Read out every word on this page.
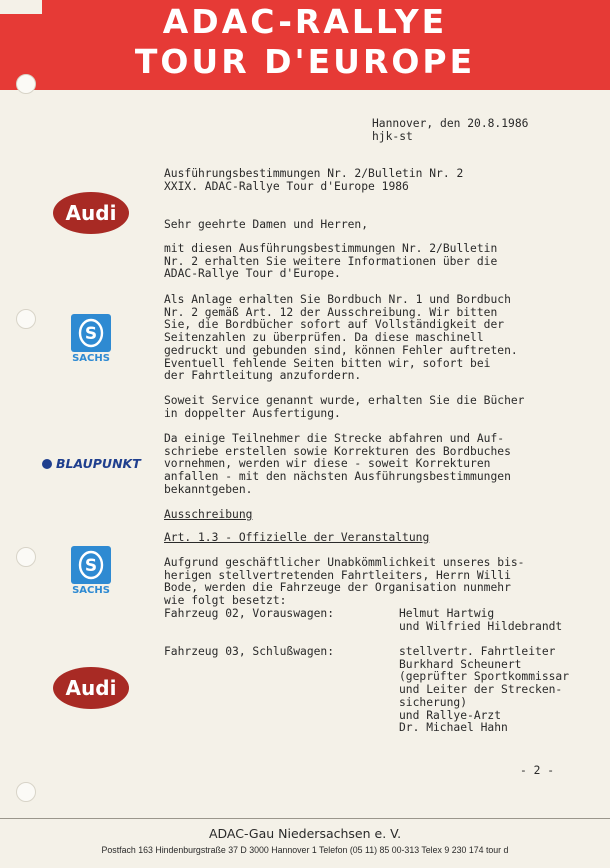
ADAC-RALLYE
TOUR D'EUROPE
Hannover, den 20.8.1986
hjk-st
Ausführungsbestimmungen Nr. 2/Bulletin Nr. 2
XXIX. ADAC-Rallye Tour d'Europe 1986
Sehr geehrte Damen und Herren,
mit diesen Ausführungsbestimmungen Nr. 2/Bulletin
Nr. 2 erhalten Sie weitere Informationen über die
ADAC-Rallye Tour d'Europe.
Als Anlage erhalten Sie Bordbuch Nr. 1 und Bordbuch
Nr. 2 gemäß Art. 12 der Ausschreibung. Wir bitten
Sie, die Bordbücher sofort auf Vollständigkeit der
Seitenzahlen zu überprüfen. Da diese maschinell
gedruckt und gebunden sind, können Fehler auftreten.
Eventuell fehlende Seiten bitten wir, sofort bei
der Fahrtleitung anzufordern.
Soweit Service genannt wurde, erhalten Sie die Bücher
in doppelter Ausfertigung.
Da einige Teilnehmer die Strecke abfahren und Auf-
schriebe erstellen sowie Korrekturen des Bordbuches
vornehmen, werden wir diese - soweit Korrekturen
anfallen - mit den nächsten Ausführungsbestimmungen
bekanntgeben.
Ausschreibung
Art. 1.3 - Offizielle der Veranstaltung
Aufgrund geschäftlicher Unabkömmlichkeit unseres bis-
herigen stellvertretenden Fahrtleiters, Herrn Willi
Bode, werden die Fahrzeuge der Organisation nunmehr
wie folgt besetzt:
Fahrzeug 02, Vorauswagen:	Helmut Hartwig
und Wilfried Hildebrandt
Fahrzeug 03, Schlußwagen:	stellvertr. Fahrtleiter
Burkhard Scheunert
(geprüfter Sportkommissar
und Leiter der Strecken-
sicherung)
und Rallye-Arzt
Dr. Michael Hahn
- 2 -
Audi
S
SACHS
BLAUPUNKT
S
SACHS
Audi
ADAC-Gau Niedersachsen e. V.
Postfach 163 Hindenburgstraße 37 D 3000 Hannover 1 Telefon (05 11) 85 00-313 Telex 9 230 174 tour d
